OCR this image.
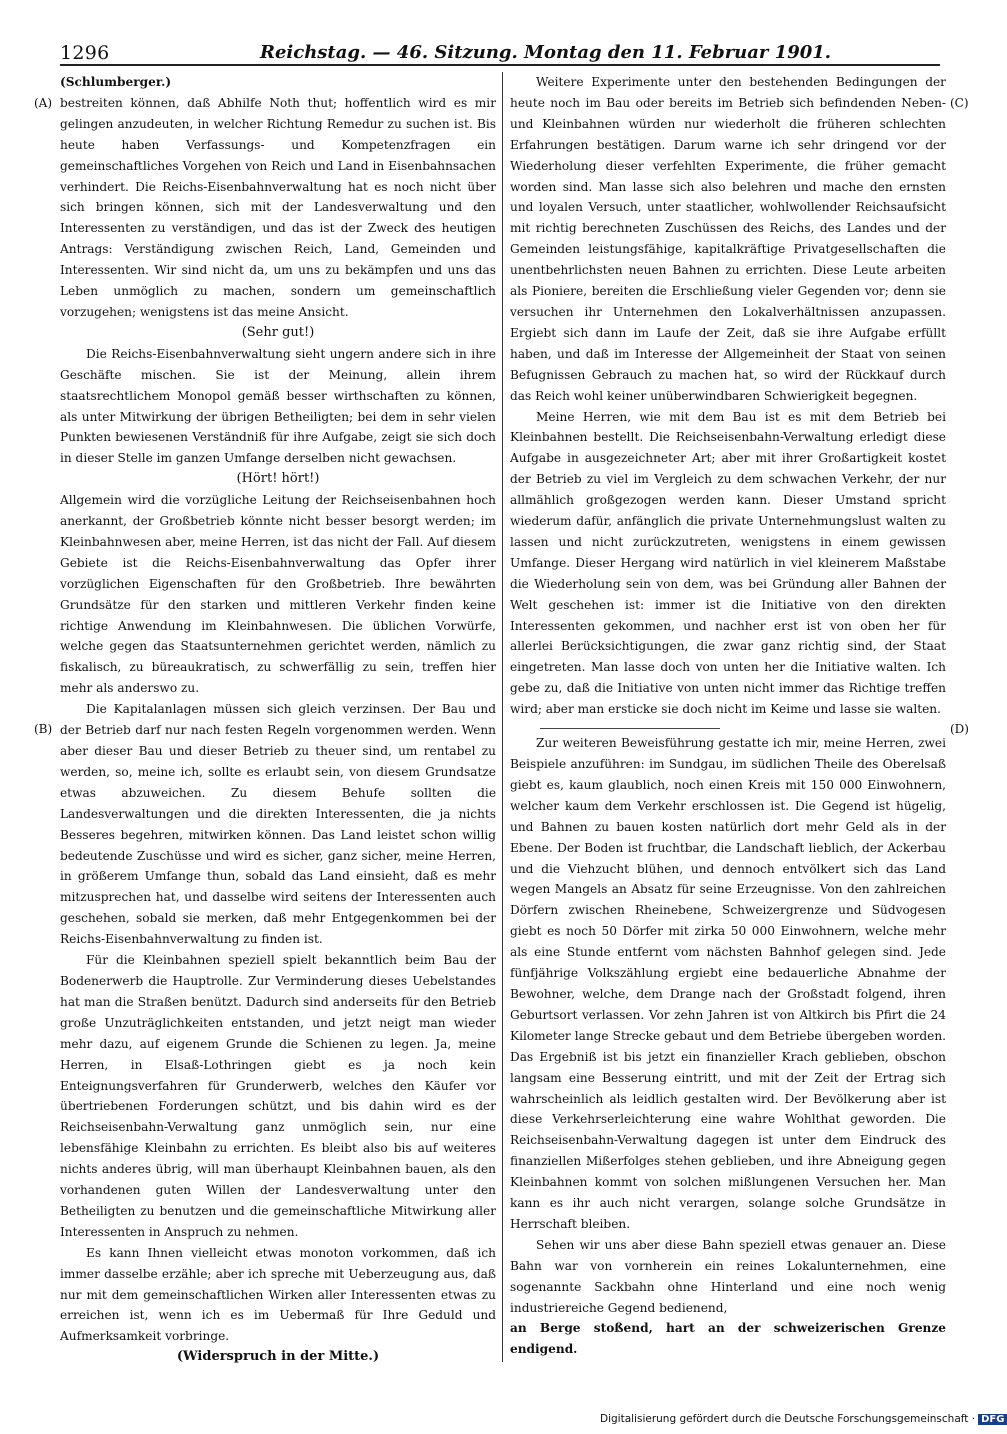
1296	Reichstag. — 46. Sitzung. Montag den 11. Februar 1901.
(A)
(B)
(C)
(D)

(Schlumberger.)

bestreiten können, daß Abhilfe Noth thut; hoffentlich wird es mir gelingen anzudeuten, in welcher Richtung Remedur zu suchen ist. Bis heute haben Verfassungs- und Kompetenzfragen ein gemeinschaftliches Vorgehen von Reich und Land in Eisenbahnsachen verhindert. Die Reichs-Eisenbahnverwaltung hat es noch nicht über sich bringen können, sich mit der Landesverwaltung und den Interessenten zu verständigen, und das ist der Zweck des heutigen Antrags: Verständigung zwischen Reich, Land, Gemeinden und Interessenten. Wir sind nicht da, um uns zu bekämpfen und uns das Leben unmöglich zu machen, sondern um gemeinschaftlich vorzugehen; wenigstens ist das meine Ansicht.

(Sehr gut!)

Die Reichs-Eisenbahnverwaltung sieht ungern andere sich in ihre Geschäfte mischen. Sie ist der Meinung, allein ihrem staatsrechtlichem Monopol gemäß besser wirthschaften zu können, als unter Mitwirkung der übrigen Betheiligten; bei dem in sehr vielen Punkten bewiesenen Verständniß für ihre Aufgabe, zeigt sie sich doch in dieser Stelle im ganzen Umfange derselben nicht gewachsen.

(Hört! hört!)

Allgemein wird die vorzügliche Leitung der Reichseisenbahnen hoch anerkannt, der Großbetrieb könnte nicht besser besorgt werden; im Kleinbahnwesen aber, meine Herren, ist das nicht der Fall. Auf diesem Gebiete ist die Reichs-Eisenbahnverwaltung das Opfer ihrer vorzüglichen Eigenschaften für den Großbetrieb. Ihre bewährten Grundsätze für den starken und mittleren Verkehr finden keine richtige Anwendung im Kleinbahnwesen. Die üblichen Vorwürfe, welche gegen das Staatsunternehmen gerichtet werden, nämlich zu fiskalisch, zu büreaukratisch, zu schwerfällig zu sein, treffen hier mehr als anderswo zu.

Die Kapitalanlagen müssen sich gleich verzinsen. Der Bau und der Betrieb darf nur nach festen Regeln vorgenommen werden. Wenn aber dieser Bau und dieser Betrieb zu theuer sind, um rentabel zu werden, so, meine ich, sollte es erlaubt sein, von diesem Grundsatze etwas abzuweichen. Zu diesem Behufe sollten die Landesverwaltungen und die direkten Interessenten, die ja nichts Besseres begehren, mitwirken können. Das Land leistet schon willig bedeutende Zuschüsse und wird es sicher, ganz sicher, meine Herren, in größerem Umfange thun, sobald das Land einsieht, daß es mehr mitzusprechen hat, und dasselbe wird seitens der Interessenten auch geschehen, sobald sie merken, daß mehr Entgegenkommen bei der Reichs-Eisenbahnverwaltung zu finden ist.

Für die Kleinbahnen speziell spielt bekanntlich beim Bau der Bodenerwerb die Hauptrolle. Zur Verminderung dieses Uebelstandes hat man die Straßen benützt. Dadurch sind anderseits für den Betrieb große Unzuträglichkeiten entstanden, und jetzt neigt man wieder mehr dazu, auf eigenem Grunde die Schienen zu legen. Ja, meine Herren, in Elsaß-Lothringen giebt es ja noch kein Enteignungsverfahren für Grunderwerb, welches den Käufer vor übertriebenen Forderungen schützt, und bis dahin wird es der Reichseisenbahn-Verwaltung ganz unmöglich sein, nur eine lebensfähige Kleinbahn zu errichten. Es bleibt also bis auf weiteres nichts anderes übrig, will man überhaupt Kleinbahnen bauen, als den vorhandenen guten Willen der Landesverwaltung unter den Betheiligten zu benutzen und die gemeinschaftliche Mitwirkung aller Interessenten in Anspruch zu nehmen.

Es kann Ihnen vielleicht etwas monoton vorkommen, daß ich immer dasselbe erzähle; aber ich spreche mit Ueberzeugung aus, daß nur mit dem gemeinschaftlichen Wirken aller Interessenten etwas zu erreichen ist, wenn ich es im Uebermaß für Ihre Geduld und Aufmerksamkeit vorbringe.

(Widerspruch in der Mitte.)

Weitere Experimente unter den bestehenden Bedingungen der heute noch im Bau oder bereits im Betrieb sich befindenden Neben- und Kleinbahnen würden nur wiederholt die früheren schlechten Erfahrungen bestätigen. Darum warne ich sehr dringend vor der Wiederholung dieser verfehlten Experimente, die früher gemacht worden sind. Man lasse sich also belehren und mache den ernsten und loyalen Versuch, unter staatlicher, wohlwollender Reichsaufsicht mit richtig berechneten Zuschüssen des Reichs, des Landes und der Gemeinden leistungsfähige, kapitalkräftige Privatgesellschaften die unentbehrlichsten neuen Bahnen zu errichten. Diese Leute arbeiten als Pioniere, bereiten die Erschließung vieler Gegenden vor; denn sie versuchen ihr Unternehmen den Lokalverhältnissen anzupassen. Ergiebt sich dann im Laufe der Zeit, daß sie ihre Aufgabe erfüllt haben, und daß im Interesse der Allgemeinheit der Staat von seinen Befugnissen Gebrauch zu machen hat, so wird der Rückkauf durch das Reich wohl keiner unüberwindbaren Schwierigkeit begegnen.

Meine Herren, wie mit dem Bau ist es mit dem Betrieb bei Kleinbahnen bestellt. Die Reichseisenbahn-Verwaltung erledigt diese Aufgabe in ausgezeichneter Art; aber mit ihrer Großartigkeit kostet der Betrieb zu viel im Vergleich zu dem schwachen Verkehr, der nur allmählich großgezogen werden kann. Dieser Umstand spricht wiederum dafür, anfänglich die private Unternehmungslust walten zu lassen und nicht zurückzutreten, wenigstens in einem gewissen Umfange. Dieser Hergang wird natürlich in viel kleinerem Maßstabe die Wiederholung sein von dem, was bei Gründung aller Bahnen der Welt geschehen ist: immer ist die Initiative von den direkten Interessenten gekommen, und nachher erst ist von oben her für allerlei Berücksichtigungen, die zwar ganz richtig sind, der Staat eingetreten. Man lasse doch von unten her die Initiative walten. Ich gebe zu, daß die Initiative von unten nicht immer das Richtige treffen wird; aber man ersticke sie doch nicht im Keime und lasse sie walten.

Zur weiteren Beweisführung gestatte ich mir, meine Herren, zwei Beispiele anzuführen: im Sundgau, im südlichen Theile des Oberelsaß giebt es, kaum glaublich, noch einen Kreis mit 150 000 Einwohnern, welcher kaum dem Verkehr erschlossen ist. Die Gegend ist hügelig, und Bahnen zu bauen kosten natürlich dort mehr Geld als in der Ebene. Der Boden ist fruchtbar, die Landschaft lieblich, der Ackerbau und die Viehzucht blühen, und dennoch entvölkert sich das Land wegen Mangels an Absatz für seine Erzeugnisse. Von den zahlreichen Dörfern zwischen Rheinebene, Schweizergrenze und Südvogesen giebt es noch 50 Dörfer mit zirka 50 000 Einwohnern, welche mehr als eine Stunde entfernt vom nächsten Bahnhof gelegen sind. Jede fünfjährige Volkszählung ergiebt eine bedauerliche Abnahme der Bewohner, welche, dem Drange nach der Großstadt folgend, ihren Geburtsort verlassen. Vor zehn Jahren ist von Altkirch bis Pfirt die 24 Kilometer lange Strecke gebaut und dem Betriebe übergeben worden. Das Ergebniß ist bis jetzt ein finanzieller Krach geblieben, obschon langsam eine Besserung eintritt, und mit der Zeit der Ertrag sich wahrscheinlich als leidlich gestalten wird. Der Bevölkerung aber ist diese Verkehrserleichterung eine wahre Wohlthat geworden. Die Reichseisenbahn-Verwaltung dagegen ist unter dem Eindruck des finanziellen Mißerfolges stehen geblieben, und ihre Abneigung gegen Kleinbahnen kommt von solchen mißlungenen Versuchen her. Man kann es ihr auch nicht verargen, solange solche Grundsätze in Herrschaft bleiben.

Sehen wir uns aber diese Bahn speziell etwas genauer an. Diese Bahn war von vornherein ein reines Lokalunternehmen, eine sogenannte Sackbahn ohne Hinterland und eine noch wenig industriereiche Gegend bedienend,

an Berge stoßend, hart an der schweizerischen Grenze endigend.

Digitalisierung gefördert durch die Deutsche Forschungsgemeinschaft · DFG
